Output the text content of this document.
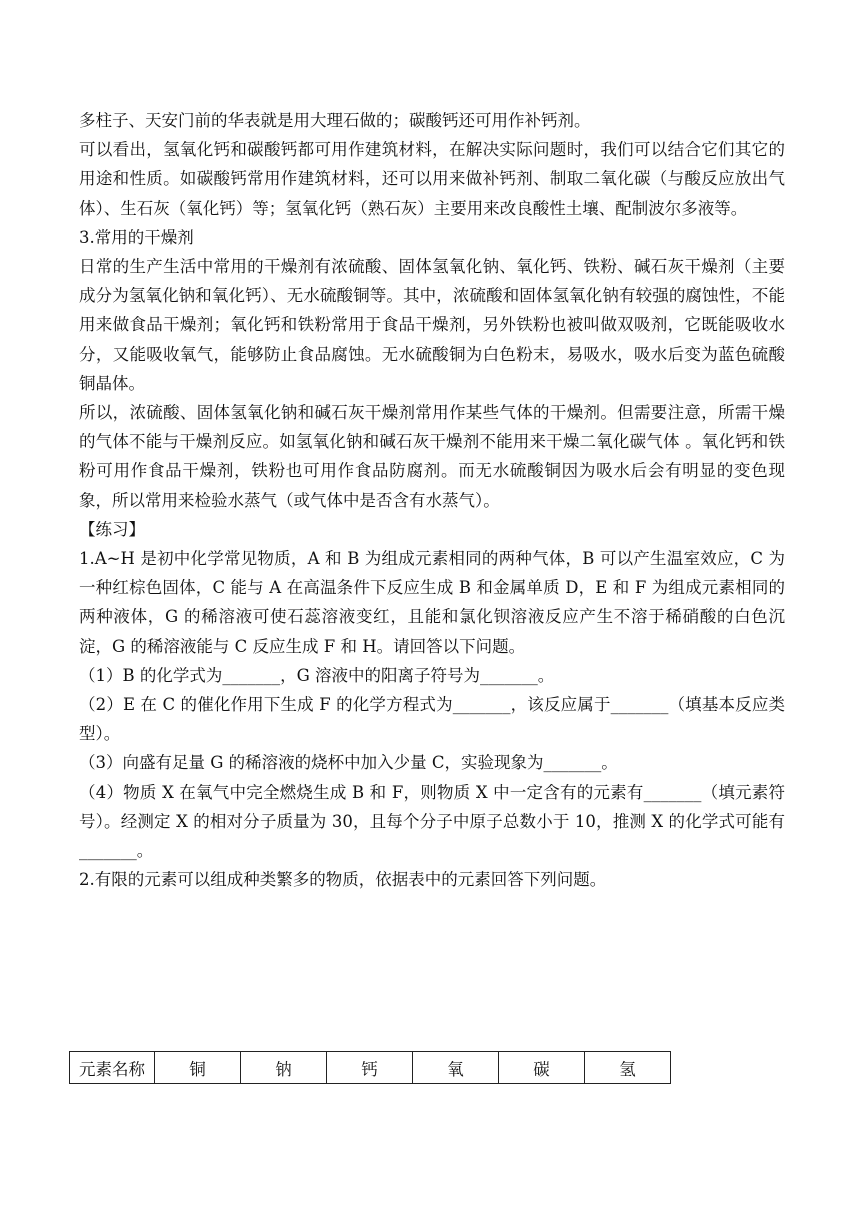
多柱子、天安门前的华表就是用大理石做的；碳酸钙还可用作补钙剂。

可以看出，氢氧化钙和碳酸钙都可用作建筑材料，在解决实际问题时，我们可以结合它们其它的用途和性质。如碳酸钙常用作建筑材料，还可以用来做补钙剂、制取二氧化碳（与酸反应放出气体）、生石灰（氧化钙）等；氢氧化钙（熟石灰）主要用来改良酸性土壤、配制波尔多液等。

3.常用的干燥剂

日常的生产生活中常用的干燥剂有浓硫酸、固体氢氧化钠、氧化钙、铁粉、碱石灰干燥剂（主要成分为氢氧化钠和氧化钙）、无水硫酸铜等。其中，浓硫酸和固体氢氧化钠有较强的腐蚀性，不能用来做食品干燥剂；氧化钙和铁粉常用于食品干燥剂，另外铁粉也被叫做双吸剂，它既能吸收水分，又能吸收氧气，能够防止食品腐蚀。无水硫酸铜为白色粉末，易吸水，吸水后变为蓝色硫酸铜晶体。

所以，浓硫酸、固体氢氧化钠和碱石灰干燥剂常用作某些气体的干燥剂。但需要注意，所需干燥的气体不能与干燥剂反应。如氢氧化钠和碱石灰干燥剂不能用来干燥二氧化碳气体 。氧化钙和铁粉可用作食品干燥剂，铁粉也可用作食品防腐剂。而无水硫酸铜因为吸水后会有明显的变色现象，所以常用来检验水蒸气（或气体中是否含有水蒸气）。

【练习】

1.A~H 是初中化学常见物质，A 和 B 为组成元素相同的两种气体，B 可以产生温室效应，C 为一种红棕色固体，C 能与 A 在高温条件下反应生成 B 和金属单质 D，E 和 F 为组成元素相同的两种液体，G 的稀溶液可使石蕊溶液变红，且能和氯化钡溶液反应产生不溶于稀硝酸的白色沉淀，G 的稀溶液能与 C 反应生成 F 和 H。请回答以下问题。

（1）B 的化学式为_______，G 溶液中的阳离子符号为_______。

（2）E 在 C 的催化作用下生成 F 的化学方程式为_______，该反应属于_______（填基本反应类型）。

（3）向盛有足量 G 的稀溶液的烧杯中加入少量 C，实验现象为_______。

（4）物质 X 在氧气中完全燃烧生成 B 和 F，则物质 X 中一定含有的元素有_______（填元素符号）。经测定 X 的相对分子质量为 30，且每个分子中原子总数小于 10，推测 X 的化学式可能有_______。

2.有限的元素可以组成种类繁多的物质，依据表中的元素回答下列问题。

元素名称	铜	钠	钙	氧	碳	氢
